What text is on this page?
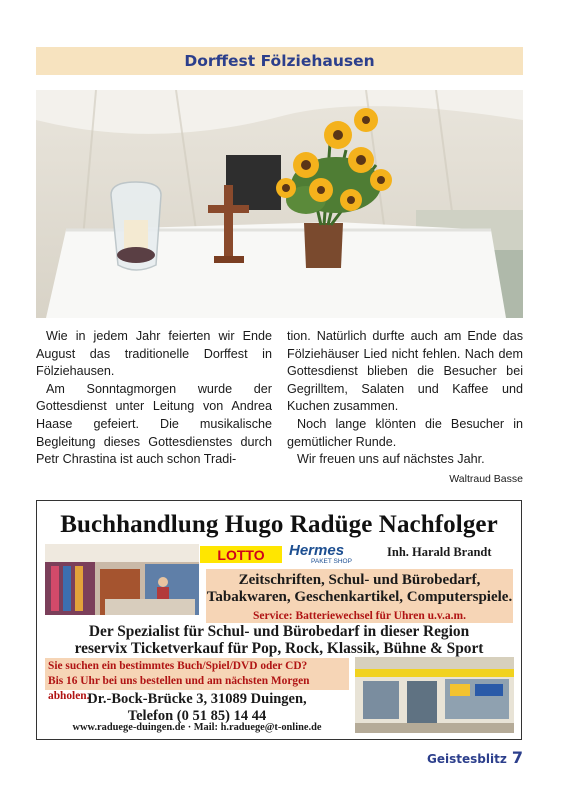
Dorffest Fölziehausen

Wie in jedem Jahr feierten wir Ende August das traditionelle Dorffest in Fölziehausen.

Am Sonntagmorgen wurde der Gottesdienst unter Leitung von Andrea Haase gefeiert. Die musikalische Begleitung dieses Gottesdienstes durch Petr Chrastina ist auch schon Tradi-

tion. Natürlich durfte auch am Ende das Fölziehäuser Lied nicht fehlen. Nach dem Gottesdienst blieben die Besucher bei Gegrilltem, Salaten und Kaffee und Kuchen zusammen.

Noch lange klönten die Besucher in gemütlicher Runde.

Wir freuen uns auf nächstes Jahr.

Waltraud Basse
Buchhandlung Hugo Radüge Nachfolger
LOTTO Hermes
PAKET SHOP
Inh. Harald Brandt
Zeitschriften, Schul- und Bürobedarf, Tabakwaren, Geschenkartikel, Computerspiele.
Service: Batteriewechsel für Uhren u.v.a.m.
Der Spezialist für Schul- und Bürobedarf in dieser Region
reservix Ticketverkauf für Pop, Rock, Klassik, Bühne & Sport
Sie suchen ein bestimmtes Buch/Spiel/DVD oder CD?
Bis 16 Uhr bei uns bestellen und am nächsten Morgen abholen.
Dr.-Bock-Brücke 3, 31089 Duingen,
Telefon (0 51 85) 14 44
www.raduege-duingen.de · Mail: h.raduege@t-online.de
Geistesblitz 7
